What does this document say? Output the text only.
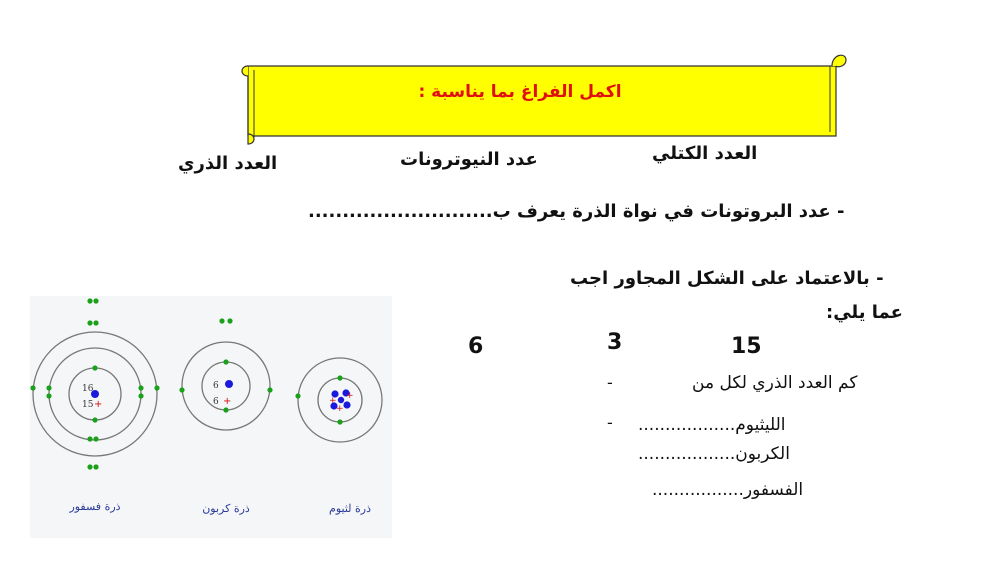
اكمل الفراغ بما يناسبة :
العدد الكتلي
عدد النيوترونات
العدد الذري
- عدد البروتونات في نواة الذرة يعرف ب...........................
- بالاعتماد على الشكل المجاور اجب
عما يلي:
6	3	15
كم العدد الذري لكل من
-
الليثيوم..................
-
الكربون..................
الفسفور.................
16
15 +
ذرة فسفور
6
6 +
ذرة كربون
+ +
+
ذرة لثيوم
